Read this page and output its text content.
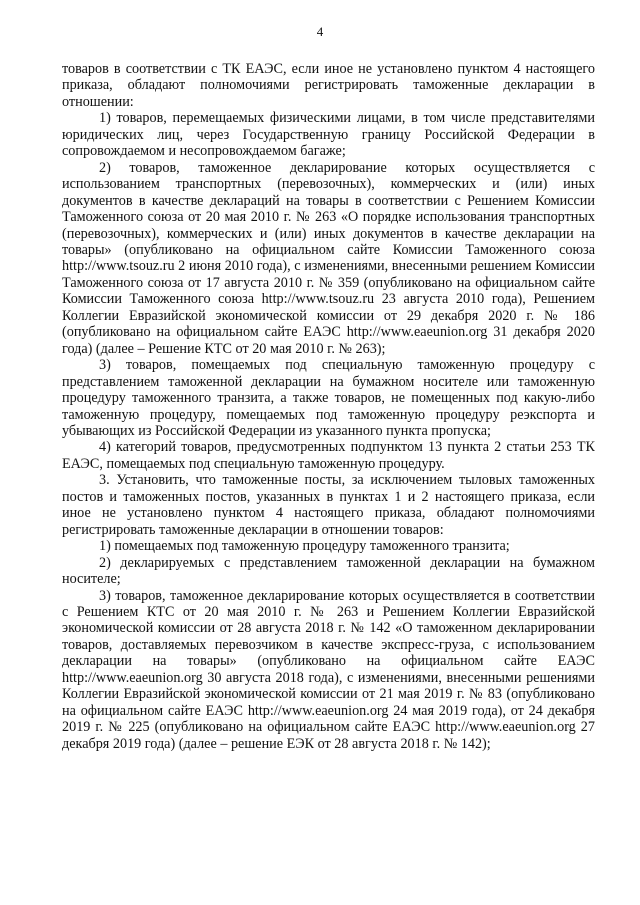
4

товаров в соответствии с ТК ЕАЭС, если иное не установлено пунктом 4 настоящего приказа, обладают полномочиями регистрировать таможенные декларации в отношении:

1) товаров, перемещаемых физическими лицами, в том числе представителями юридических лиц, через Государственную границу Российской Федерации в сопровождаемом и несопровождаемом багаже;

2) товаров, таможенное декларирование которых осуществляется с использованием транспортных (перевозочных), коммерческих и (или) иных документов в качестве деклараций на товары в соответствии с Решением Комиссии Таможенного союза от 20 мая 2010 г. № 263 «О порядке использования транспортных (перевозочных), коммерческих и (или) иных документов в качестве декларации на товары» (опубликовано на официальном сайте Комиссии Таможенного союза http://www.tsouz.ru 2 июня 2010 года), с изменениями, внесенными решением Комиссии Таможенного союза от 17 августа 2010 г. № 359 (опубликовано на официальном сайте Комиссии Таможенного союза http://www.tsouz.ru 23 августа 2010 года), Решением Коллегии Евразийской экономической комиссии от 29 декабря 2020 г. № 186 (опубликовано на официальном сайте ЕАЭС http://www.eaeunion.org 31 декабря 2020 года) (далее – Решение КТС от 20 мая 2010 г. № 263);

3) товаров, помещаемых под специальную таможенную процедуру с представлением таможенной декларации на бумажном носителе или таможенную процедуру таможенного транзита, а также товаров, не помещенных под какую-либо таможенную процедуру, помещаемых под таможенную процедуру реэкспорта и убывающих из Российской Федерации из указанного пункта пропуска;

4) категорий товаров, предусмотренных подпунктом 13 пункта 2 статьи 253 ТК ЕАЭС, помещаемых под специальную таможенную процедуру.

3. Установить, что таможенные посты, за исключением тыловых таможенных постов и таможенных постов, указанных в пунктах 1 и 2 настоящего приказа, если иное не установлено пунктом 4 настоящего приказа, обладают полномочиями регистрировать таможенные декларации в отношении товаров:

1) помещаемых под таможенную процедуру таможенного транзита;

2) декларируемых с представлением таможенной декларации на бумажном носителе;

3) товаров, таможенное декларирование которых осуществляется в соответствии с Решением КТС от 20 мая 2010 г. № 263 и Решением Коллегии Евразийской экономической комиссии от 28 августа 2018 г. № 142 «О таможенном декларировании товаров, доставляемых перевозчиком в качестве экспресс-груза, с использованием декларации на товары» (опубликовано на официальном сайте ЕАЭС http://www.eaeunion.org 30 августа 2018 года), с изменениями, внесенными решениями Коллегии Евразийской экономической комиссии от 21 мая 2019 г. № 83 (опубликовано на официальном сайте ЕАЭС http://www.eaeunion.org 24 мая 2019 года), от 24 декабря 2019 г. № 225 (опубликовано на официальном сайте ЕАЭС http://www.eaeunion.org 27 декабря 2019 года) (далее – решение ЕЭК от 28 августа 2018 г. № 142);
